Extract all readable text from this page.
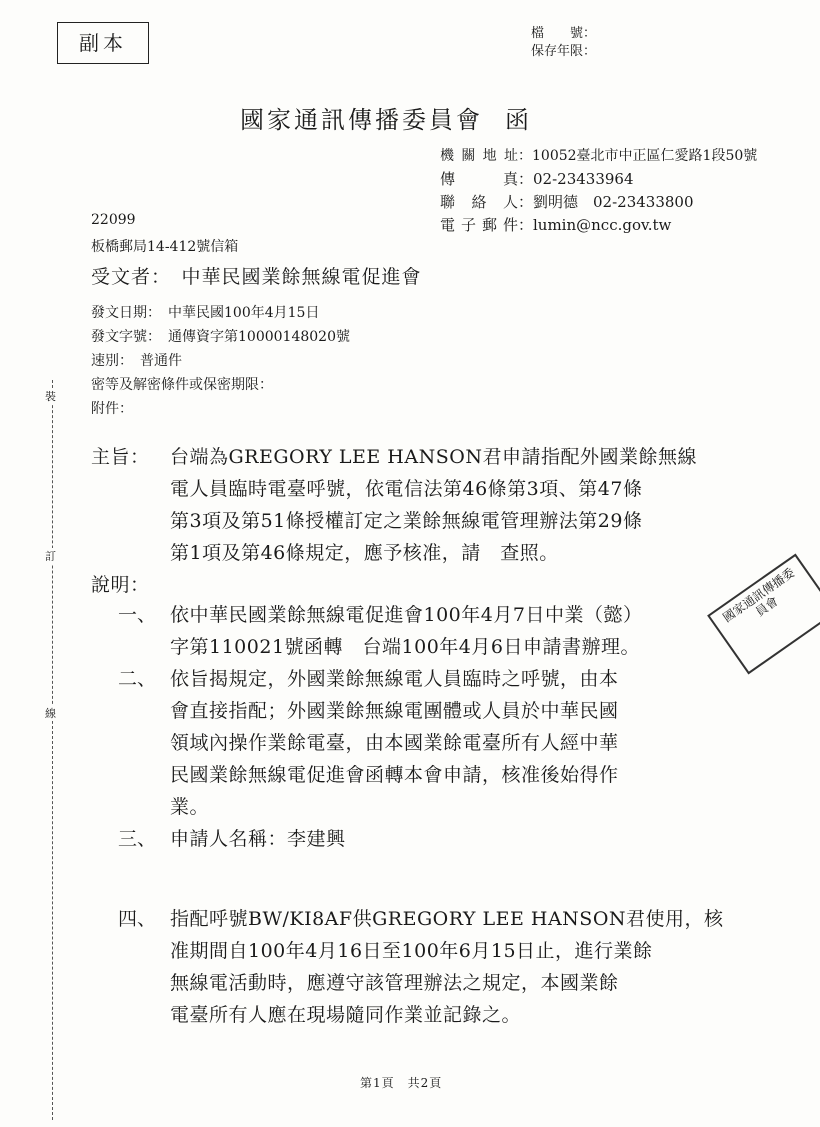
副本	檔　　號：
保存年限：
國家通訊傳播委員會 函
機關地址：10052臺北市中正區仁愛路1段50號
傳　　真：02-23433964
聯 絡 人：劉明德　02-23433800
電子郵件：lumin@ncc.gov.tw
22099
板橋郵局14-412號信箱
受文者：　中華民國業餘無線電促進會
發文日期：　中華民國100年4月15日
發文字號：　通傳資字第10000148020號
速別：　普通件
密等及解密條件或保密期限：
附件：
主旨： 台端為GREGORY LEE HANSON君申請指配外國業餘無線
電人員臨時電臺呼號，依電信法第46條第3項、第47條
第3項及第51條授權訂定之業餘無線電管理辦法第29條
第1項及第46條規定，應予核准，請　查照。
說明：
一、 依中華民國業餘無線電促進會100年4月7日中業（懿）
字第110021號函轉　台端100年4月6日申請書辦理。
二、 依旨揭規定，外國業餘無線電人員臨時之呼號，由本
會直接指配；外國業餘無線電團體或人員於中華民國
領域內操作業餘電臺，由本國業餘電臺所有人經中華
民國業餘無線電促進會函轉本會申請，核准後始得作
業。
三、 申請人名稱：李建興
四、 指配呼號BW/KI8AF供GREGORY LEE HANSON君使用，核
准期間自100年4月16日至100年6月15日止，進行業餘
無線電活動時，應遵守該管理辦法之規定，本國業餘
電臺所有人應在現場隨同作業並記錄之。
裝
訂
線
國家通訊傳播委員會
第1頁　共2頁
